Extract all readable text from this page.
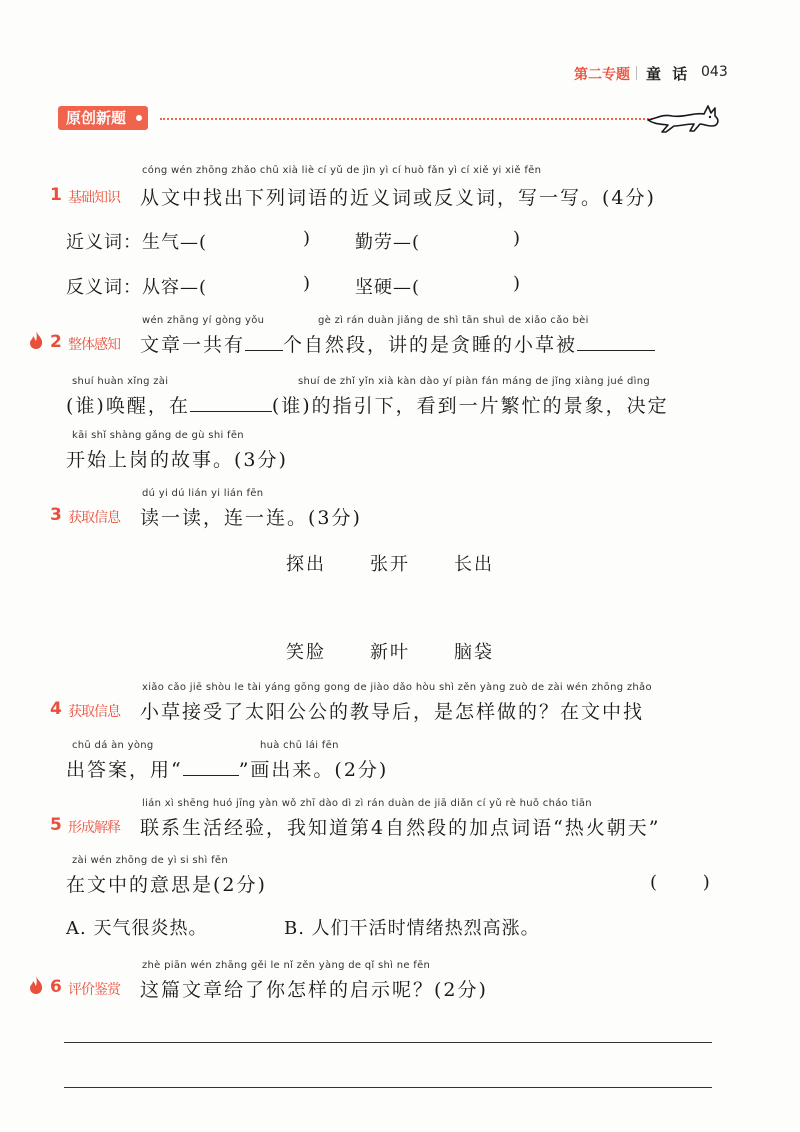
第二专题 童 话 043
原创新题
cóng wén zhōng zhǎo chū xià liè cí yǔ de jìn yì cí huò fǎn yì cí xiě yi xiě fēn
1 基础知识 从文中找出下列词语的近义词或反义词，写一写。(4分)
近义词：生气—(	) 勤劳—(	)
反义词：从容—(	) 坚硬—(	)
wén zhāng yí gòng yǒu	gè zì rán duàn jiǎng de shì tān shuì de xiǎo cǎo bèi
2 整体感知 文章一共有 个自然段，讲的是贪睡的小草被
shuí huàn xǐng zài	shuí de zhǐ yǐn xià kàn dào yí piàn fán máng de jǐng xiàng jué dìng
(谁)唤醒，在	(谁)的指引下，看到一片繁忙的景象，决定
kāi shǐ shàng gǎng de gù shi fēn
开始上岗的故事。(3分)
dú yi dú lián yi lián fēn
3 获取信息 读一读，连一连。(3分)
探出 张开 长出
笑脸 新叶 脑袋
xiǎo cǎo jiē shòu le tài yáng gōng gong de jiào dǎo hòu shì zěn yàng zuò de zài wén zhōng zhǎo
4 获取信息 小草接受了太阳公公的教导后，是怎样做的？在文中找
chū dá àn yòng	huà chū lái fēn
出答案，用“	”画出来。(2分)
lián xì shēng huó jīng yàn wǒ zhī dào dì zì rán duàn de jiā diǎn cí yǔ rè huǒ cháo tiān
5 形成解释 联系生活经验，我知道第4自然段的加点词语“热火朝天”
zài wén zhōng de yì si shì fēn
在文中的意思是(2分)	(        )
A. 天气很炎热。	B. 人们干活时情绪热烈高涨。
zhè piān wén zhāng gěi le nǐ zěn yàng de qǐ shì ne fēn
6 评价鉴赏 这篇文章给了你怎样的启示呢？(2分)
